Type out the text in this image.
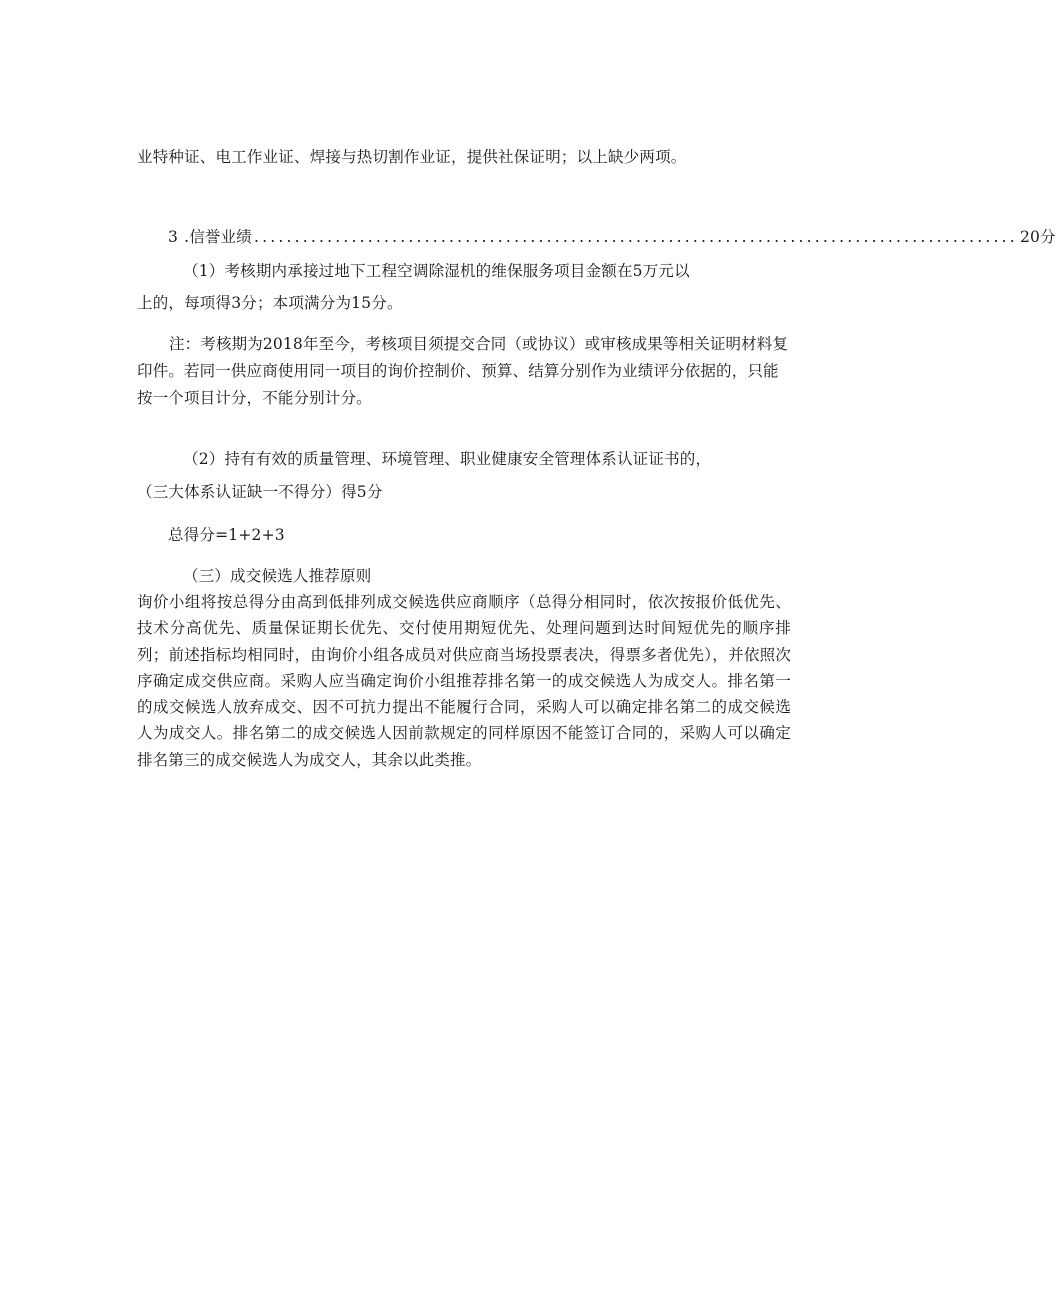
业特种证、电工作业证、焊接与热切割作业证，提供社保证明；以上缺少两项。
3 .信誉业绩 .............................................................................................. 20分
（1）考核期内承接过地下工程空调除湿机的维保服务项目金额在5万元以
上的，每项得3分；本项满分为15分。
注：考核期为2018年至今，考核项目须提交合同（或协议）或审核成果等相关证明材料复印件。若同一供应商使用同一项目的询价控制价、预算、结算分别作为业绩评分依据的，只能按一个项目计分，不能分别计分。
（2）持有有效的质量管理、环境管理、职业健康安全管理体系认证证书的，
（三大体系认证缺一不得分）得5分
总得分=1+2+3
（三）成交候选人推荐原则
询价小组将按总得分由高到低排列成交候选供应商顺序（总得分相同时，依次按报价低优先、技术分高优先、质量保证期长优先、交付使用期短优先、处理问题到达时间短优先的顺序排列；前述指标均相同时，由询价小组各成员对供应商当场投票表决，得票多者优先），并依照次序确定成交供应商。采购人应当确定询价小组推荐排名第一的成交候选人为成交人。排名第一的成交候选人放弃成交、因不可抗力提出不能履行合同，采购人可以确定排名第二的成交候选人为成交人。排名第二的成交候选人因前款规定的同样原因不能签订合同的，采购人可以确定排名第三的成交候选人为成交人，其余以此类推。
